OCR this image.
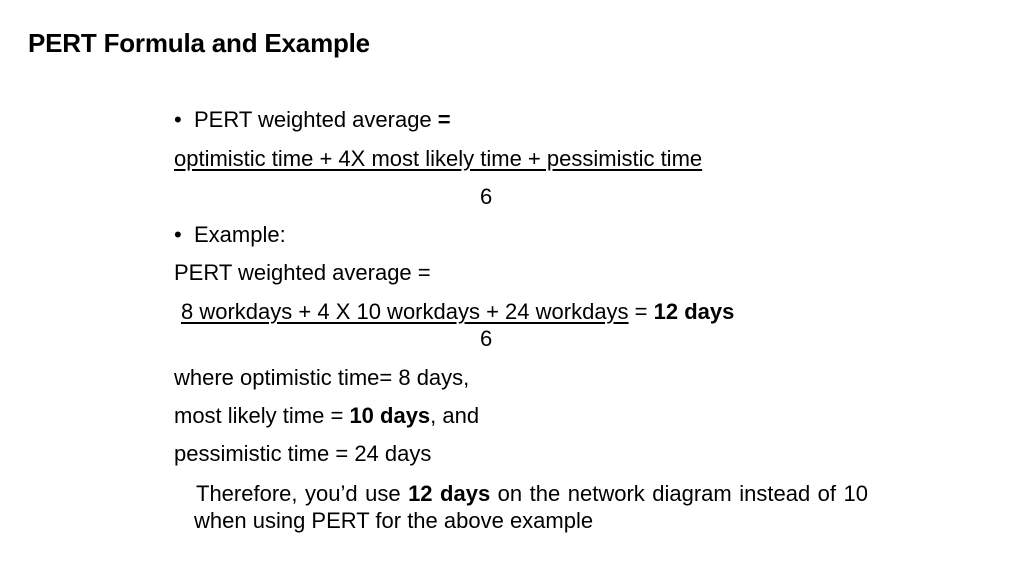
PERT Formula and Example
• PERT weighted average =
optimistic time + 4X most likely time + pessimistic time
6
• Example:
PERT weighted average =
8 workdays + 4 X 10 workdays + 24 workdays = 12 days
6
where optimistic time= 8 days,
most likely time = 10 days, and
pessimistic time = 24 days
Therefore, you’d use 12 days on the network diagram instead of 10 when using PERT for the above example
